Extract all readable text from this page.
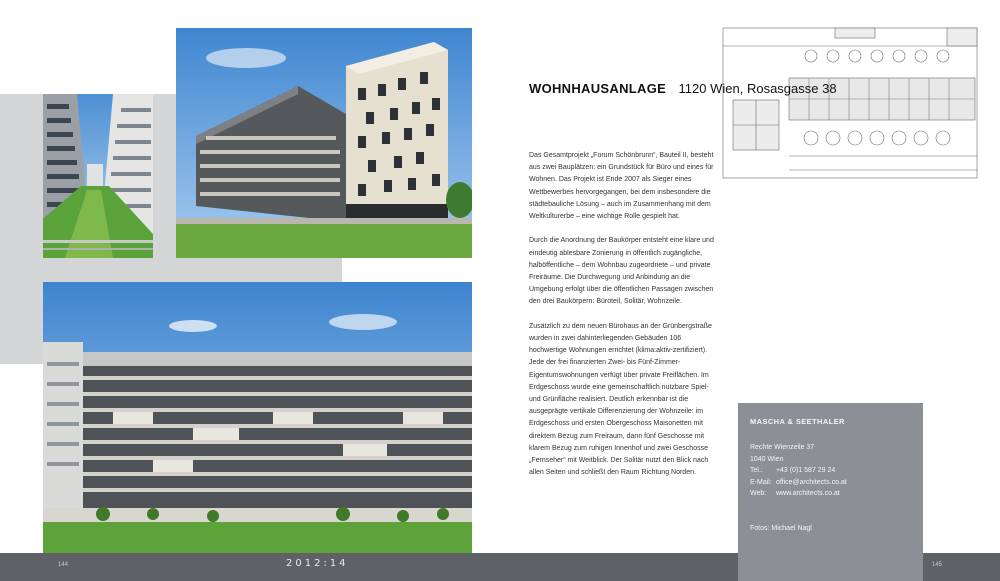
WOHNHAUSANLAGE 1120 Wien, Rosasgasse 38

Das Gesamtprojekt „Forum Schönbrunn“, Bauteil II, besteht aus zwei Bauplätzen: ein Grundstück für Büro und eines für Wohnen. Das Projekt ist Ende 2007 als Sieger eines Wettbewerbes hervorgegangen, bei dem insbesondere die städtebauliche Lösung – auch im Zusammenhang mit dem Weltkulturerbe – eine wichtige Rolle gespielt hat.

Durch die Anordnung der Baukörper entsteht eine klare und eindeutig ablesbare Zonierung in öffentlich zugängliche, halböffentliche – dem Wohnbau zugeordnete – und private Freiräume. Die Durchwegung und Anbindung an die Umgebung erfolgt über die öffentlichen Passagen zwischen den drei Baukörpern: Büroteil, Solitär, Wohnzeile.

Zusätzlich zu dem neuen Bürohaus an der Grünbergstraße wurden in zwei dahinterliegenden Gebäuden 106 hochwertige Wohnungen errichtet (klima:aktiv-zertifiziert). Jede der frei finanzierten Zwei- bis Fünf-Zimmer-Eigentumswohnungen verfügt über private Freiflächen. Im Erdgeschoss wurde eine gemeinschaftlich nutzbare Spiel- und Grünfläche realisiert. Deutlich erkennbar ist die ausgeprägte vertikale Differenzierung der Wohnzeile: im Erdgeschoss und ersten Obergeschoss Maisonetten mit direktem Bezug zum Freiraum, dann fünf Geschosse mit klarem Bezug zum ruhigen Innenhof und zwei Geschosse „Fernseher“ mit Weitblick. Der Solitär nutzt den Blick nach allen Seiten und schließt den Raum Richtung Norden.

144	2012:14	145
MASCHA & SEETHALER
Rechte Wienzeile 37
1040 Wien
Tel.: +43 (0)1 587 29 24
E-Mail: office@architects.co.at
Web: www.architects.co.at
Fotos: Michael Nagl
